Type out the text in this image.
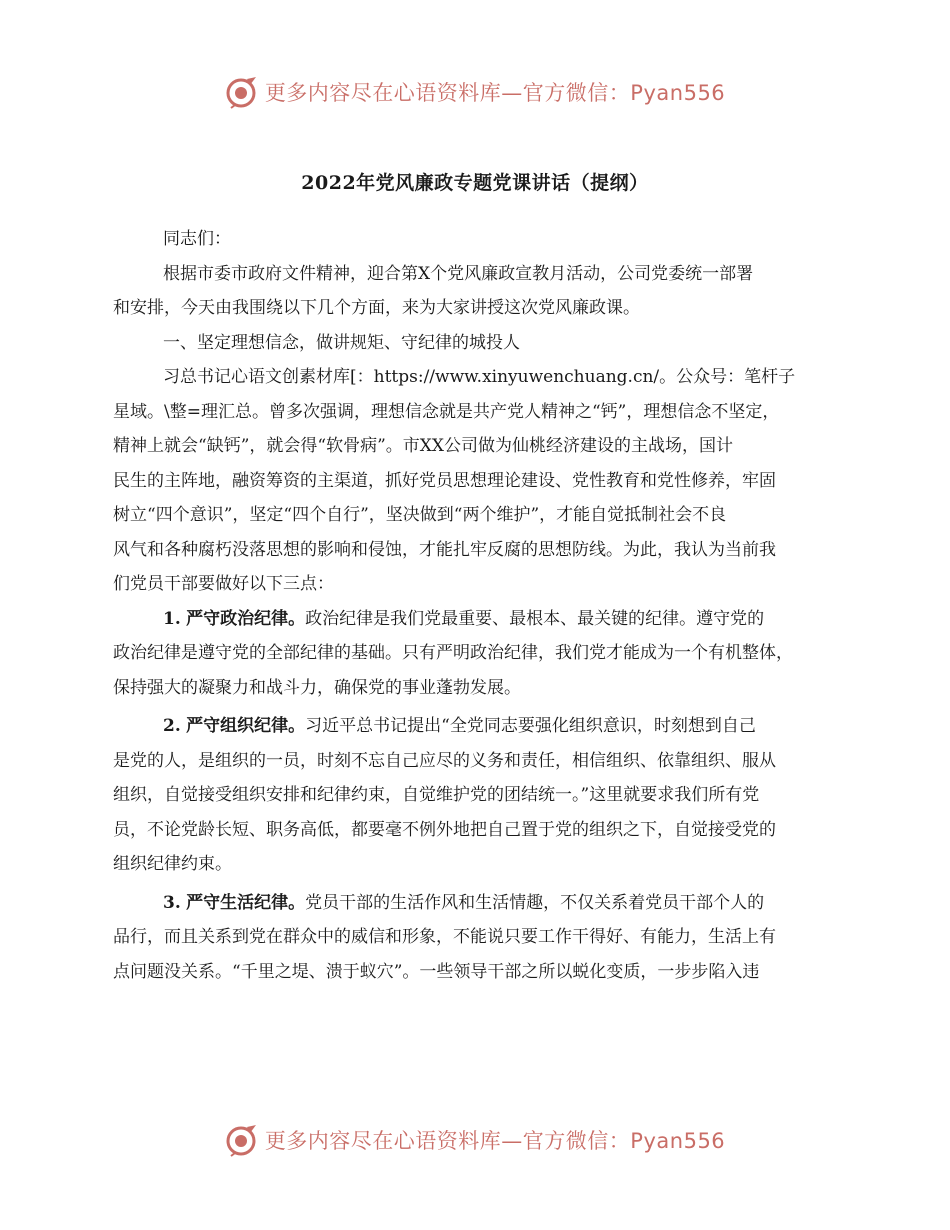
更多内容尽在心语资料库—官方微信：Pyan556
2022年党风廉政专题党课讲话（提纲）
同志们：
根据市委市政府文件精神，迎合第X个党风廉政宣教月活动，公司党委统一部署
和安排，今天由我围绕以下几个方面，来为大家讲授这次党风廉政课。
一、坚定理想信念，做讲规矩、守纪律的城投人
习总书记心语文创素材库[：https://www.xinyuwenchuang.cn/。公众号：笔杆子
星域。\整=理汇总。曾多次强调，理想信念就是共产党人精神之“钙”，理想信念不坚定，
精神上就会“缺钙”，就会得“软骨病”。市XX公司做为仙桃经济建设的主战场，国计
民生的主阵地，融资筹资的主渠道，抓好党员思想理论建设、党性教育和党性修养，牢固
树立“四个意识”，坚定“四个自行”，坚决做到“两个维护”，才能自觉抵制社会不良
风气和各种腐朽没落思想的影响和侵蚀，才能扎牢反腐的思想防线。为此，我认为当前我
们党员干部要做好以下三点：
1. 严守政治纪律。政治纪律是我们党最重要、最根本、最关键的纪律。遵守党的
政治纪律是遵守党的全部纪律的基础。只有严明政治纪律，我们党才能成为一个有机整体，
保持强大的凝聚力和战斗力，确保党的事业蓬勃发展。
2. 严守组织纪律。习近平总书记提出“全党同志要强化组织意识，时刻想到自己
是党的人，是组织的一员，时刻不忘自己应尽的义务和责任，相信组织、依靠组织、服从
组织，自觉接受组织安排和纪律约束，自觉维护党的团结统一。”这里就要求我们所有党
员，不论党龄长短、职务高低，都要毫不例外地把自己置于党的组织之下，自觉接受党的
组织纪律约束。
3. 严守生活纪律。党员干部的生活作风和生活情趣，不仅关系着党员干部个人的
品行，而且关系到党在群众中的威信和形象，不能说只要工作干得好、有能力，生活上有
点问题没关系。“千里之堤、溃于蚁穴”。一些领导干部之所以蜕化变质，一步步陷入违
更多内容尽在心语资料库—官方微信：Pyan556
